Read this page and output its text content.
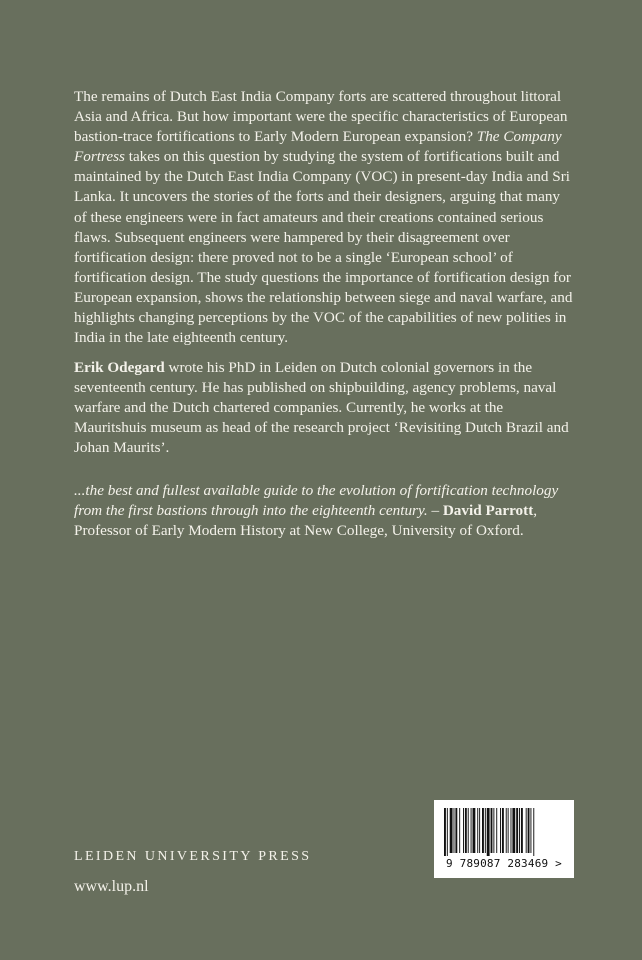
The remains of Dutch East India Company forts are scattered throughout littoral Asia and Africa. But how important were the specific characteristics of European bastion-trace fortifications to Early Modern European expansion? The Company Fortress takes on this question by studying the system of fortifications built and maintained by the Dutch East India Company (VOC) in present-day India and Sri Lanka. It uncovers the stories of the forts and their designers, arguing that many of these engineers were in fact amateurs and their creations contained serious flaws. Subsequent engineers were hampered by their disagreement over fortification design: there proved not to be a single ‘European school’ of fortification design. The study questions the importance of fortification design for European expansion, shows the relationship between siege and naval warfare, and highlights changing perceptions by the VOC of the capabilities of new polities in India in the late eighteenth century.

Erik Odegard wrote his PhD in Leiden on Dutch colonial governors in the seventeenth century. He has published on shipbuilding, agency problems, naval warfare and the Dutch chartered companies. Currently, he works at the Mauritshuis museum as head of the research project ‘Revisiting Dutch Brazil and Johan Maurits’.

...the best and fullest available guide to the evolution of fortification technology from the first bastions through into the eighteenth century. – David Parrott, Professor of Early Modern History at New College, University of Oxford.

LEIDEN UNIVERSITY PRESS
www.lup.nl
9 789087 283469 >
